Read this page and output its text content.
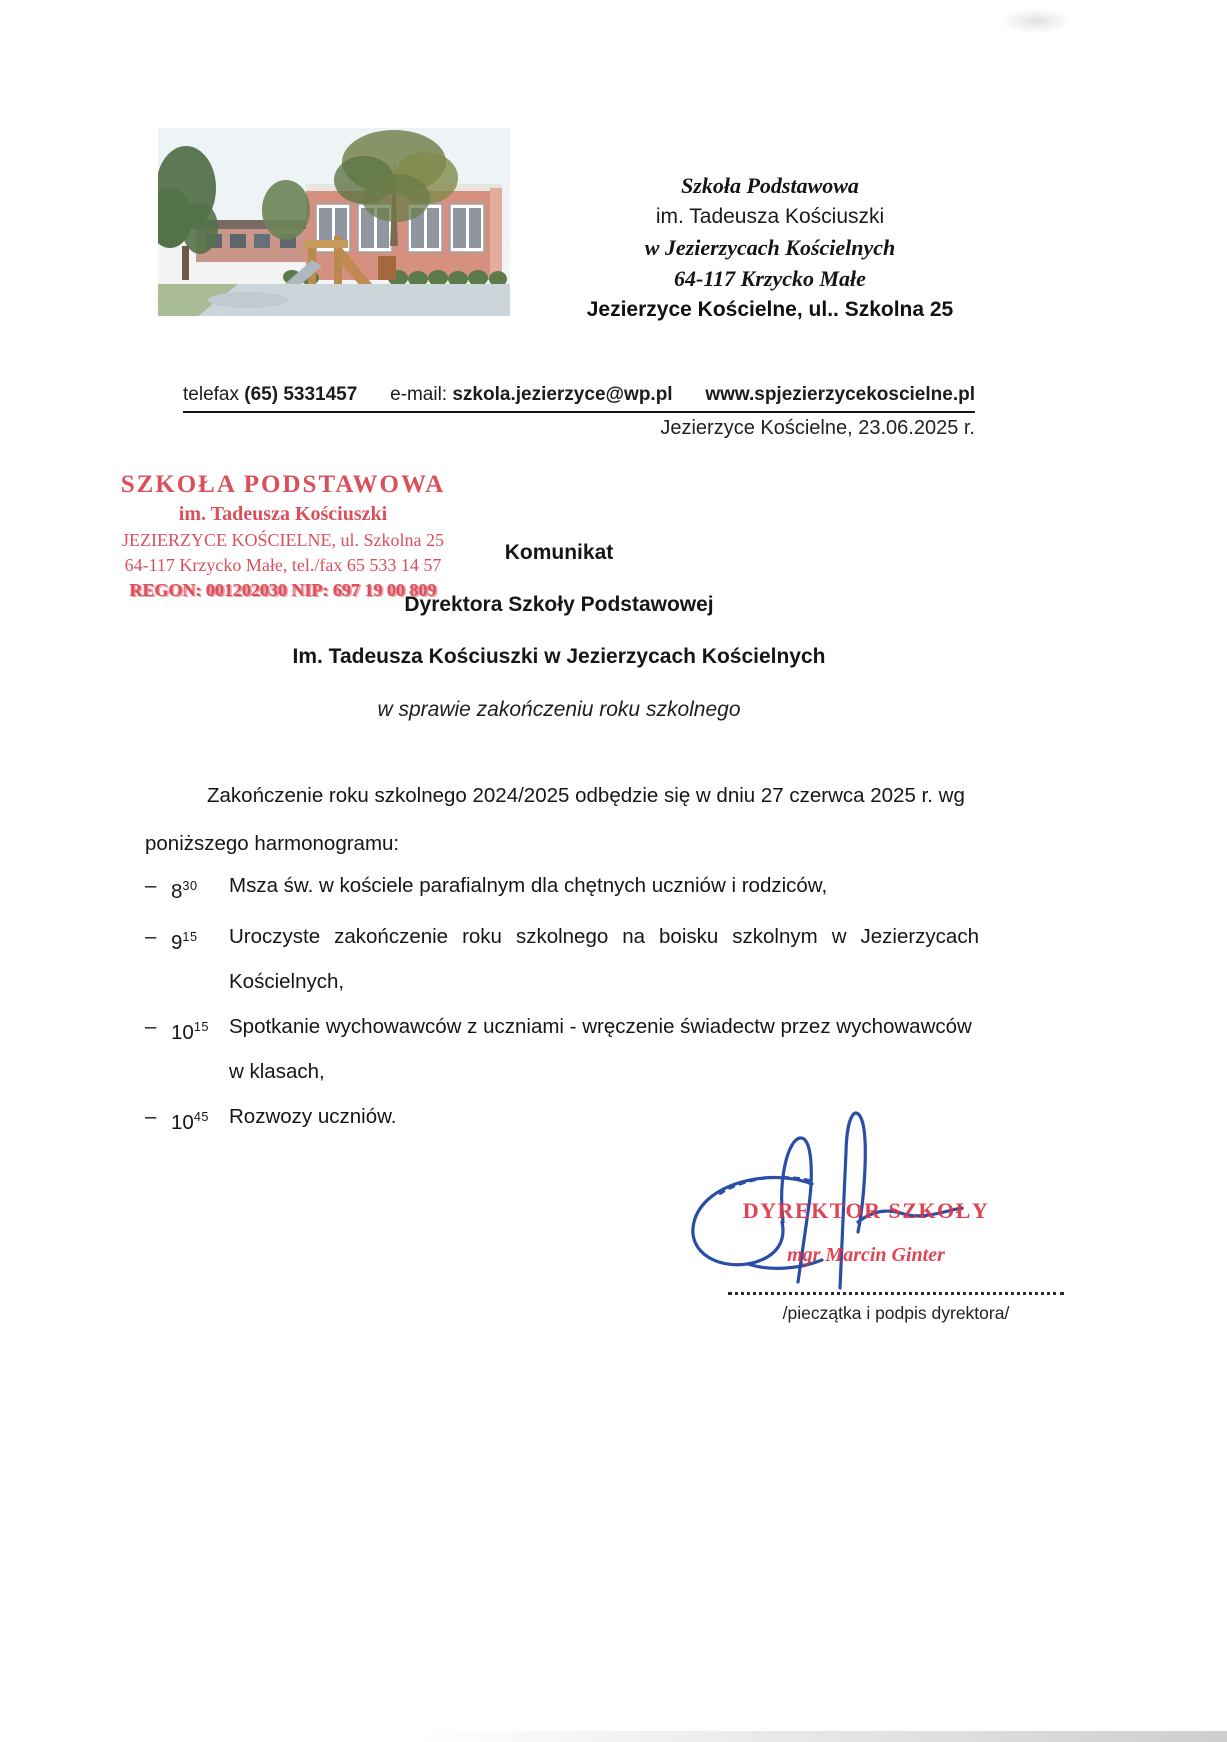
Szkoła Podstawowa
im. Tadeusza Kościuszki
w Jezierzycach Kościelnych
64-117 Krzycko Małe
Jezierzyce Kościelne, ul.. Szkolna 25
telefax (65) 5331457 e-mail: szkola.jezierzyce@wp.pl www.spjezierzycekoscielne.pl
Jezierzyce Kościelne, 23.06.2025 r.
SZKOŁA PODSTAWOWA
im. Tadeusza Kościuszki
JEZIERZYCE KOŚCIELNE, ul. Szkolna 25
64-117 Krzycko Małe, tel./fax 65 533 14 57
REGON: 001202030 NIP: 697 19 00 809
Komunikat
Dyrektora Szkoły Podstawowej
Im. Tadeusza Kościuszki w Jezierzycach Kościelnych
w sprawie zakończeniu roku szkolnego
Zakończenie roku szkolnego 2024/2025 odbędzie się w dniu 27 czerwca 2025 r. wg poniższego harmonogramu:
– $8^{30}$	Msza św. w kościele parafialnym dla chętnych uczniów i rodziców,
– $9^{15}$	Uroczyste zakończenie roku szkolnego na boisku szkolnym w Jezierzycach Kościelnych,
– $10^{15}$ Spotkanie wychowawców z uczniami - wręczenie świadectw przez wychowawców w klasach,
– $10^{45}$ Rozwozy uczniów.
DYREKTOR SZKOŁY
mgr Marcin Ginter
/pieczątka i podpis dyrektora/
